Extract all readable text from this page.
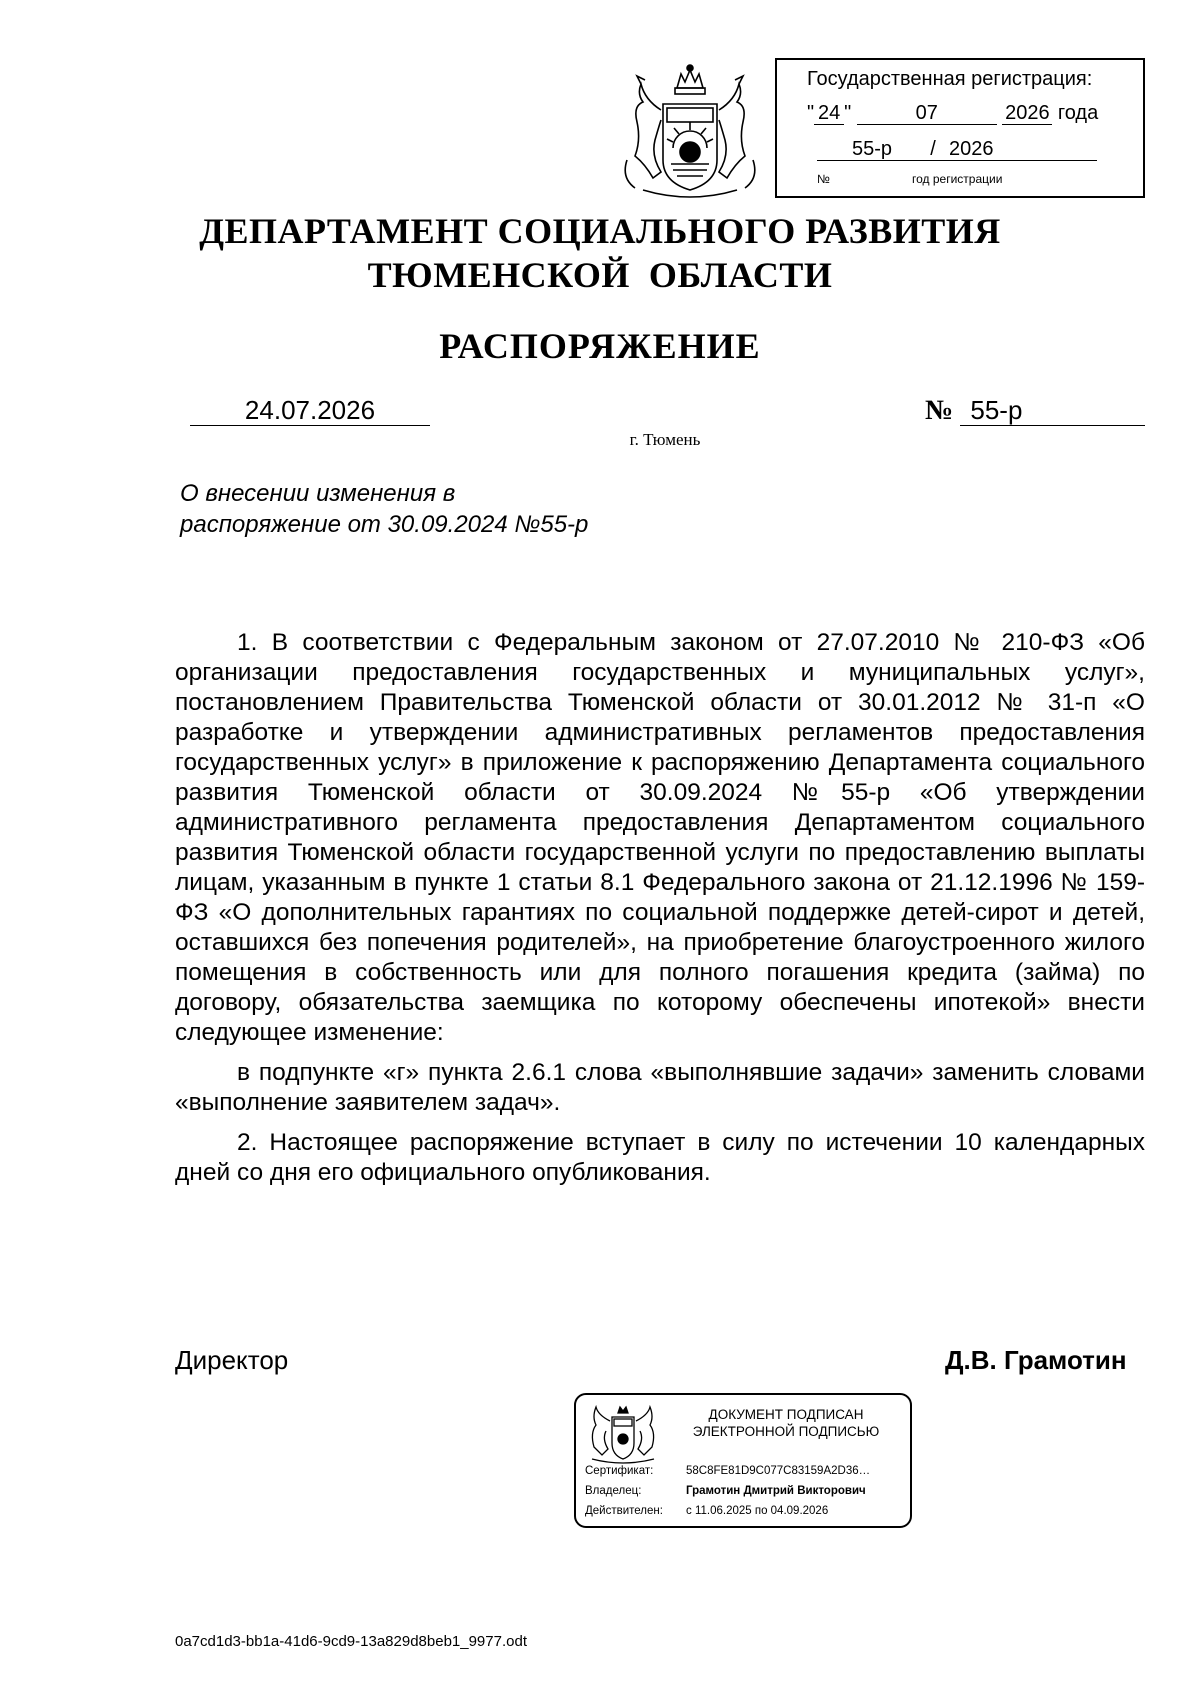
Государственная регистрация:
" 24 "	07	2026 года
55-р / 2026
№	год регистрации
ДЕПАРТАМЕНТ СОЦИАЛЬНОГО РАЗВИТИЯ
ТЮМЕНСКОЙ  ОБЛАСТИ
РАСПОРЯЖЕНИЕ
24.07.2026	№ 55-р
г. Тюмень
О внесении изменения в
распоряжение от 30.09.2024 №55-р

1. В соответствии с Федеральным законом от 27.07.2010 № 210-ФЗ «Об организации предоставления государственных и муниципальных услуг», постановлением Правительства Тюменской области от 30.01.2012 № 31-п «О разработке и утверждении административных регламентов предоставления государственных услуг» в приложение к распоряжению Департамента социального развития Тюменской области от 30.09.2024 №55-р «Об утверждении административного регламента предоставления Департаментом социального развития Тюменской области государственной услуги по предоставлению выплаты лицам, указанным в пункте 1 статьи 8.1 Федерального закона от 21.12.1996 № 159-ФЗ «О дополнительных гарантиях по социальной поддержке детей-сирот и детей, оставшихся без попечения родителей», на приобретение благоустроенного жилого помещения в собственность или для полного погашения кредита (займа) по договору, обязательства заемщика по которому обеспечены ипотекой» внести следующее изменение:

в подпункте «г» пункта 2.6.1 слова «выполнявшие задачи» заменить словами «выполнение заявителем задач».

2. Настоящее распоряжение вступает в силу по истечении 10 календарных дней со дня его официального опубликования.

Директор	Д.В. Грамотин
ДОКУМЕНТ ПОДПИСАН
ЭЛЕКТРОННОЙ ПОДПИСЬЮ
Сертификат:	58C8FE81D9C077C83159A2D36…
Владелец:	Грамотин Дмитрий Викторович
Действителен: с 11.06.2025 по 04.09.2026
0a7cd1d3-bb1a-41d6-9cd9-13a829d8beb1_9977.odt
